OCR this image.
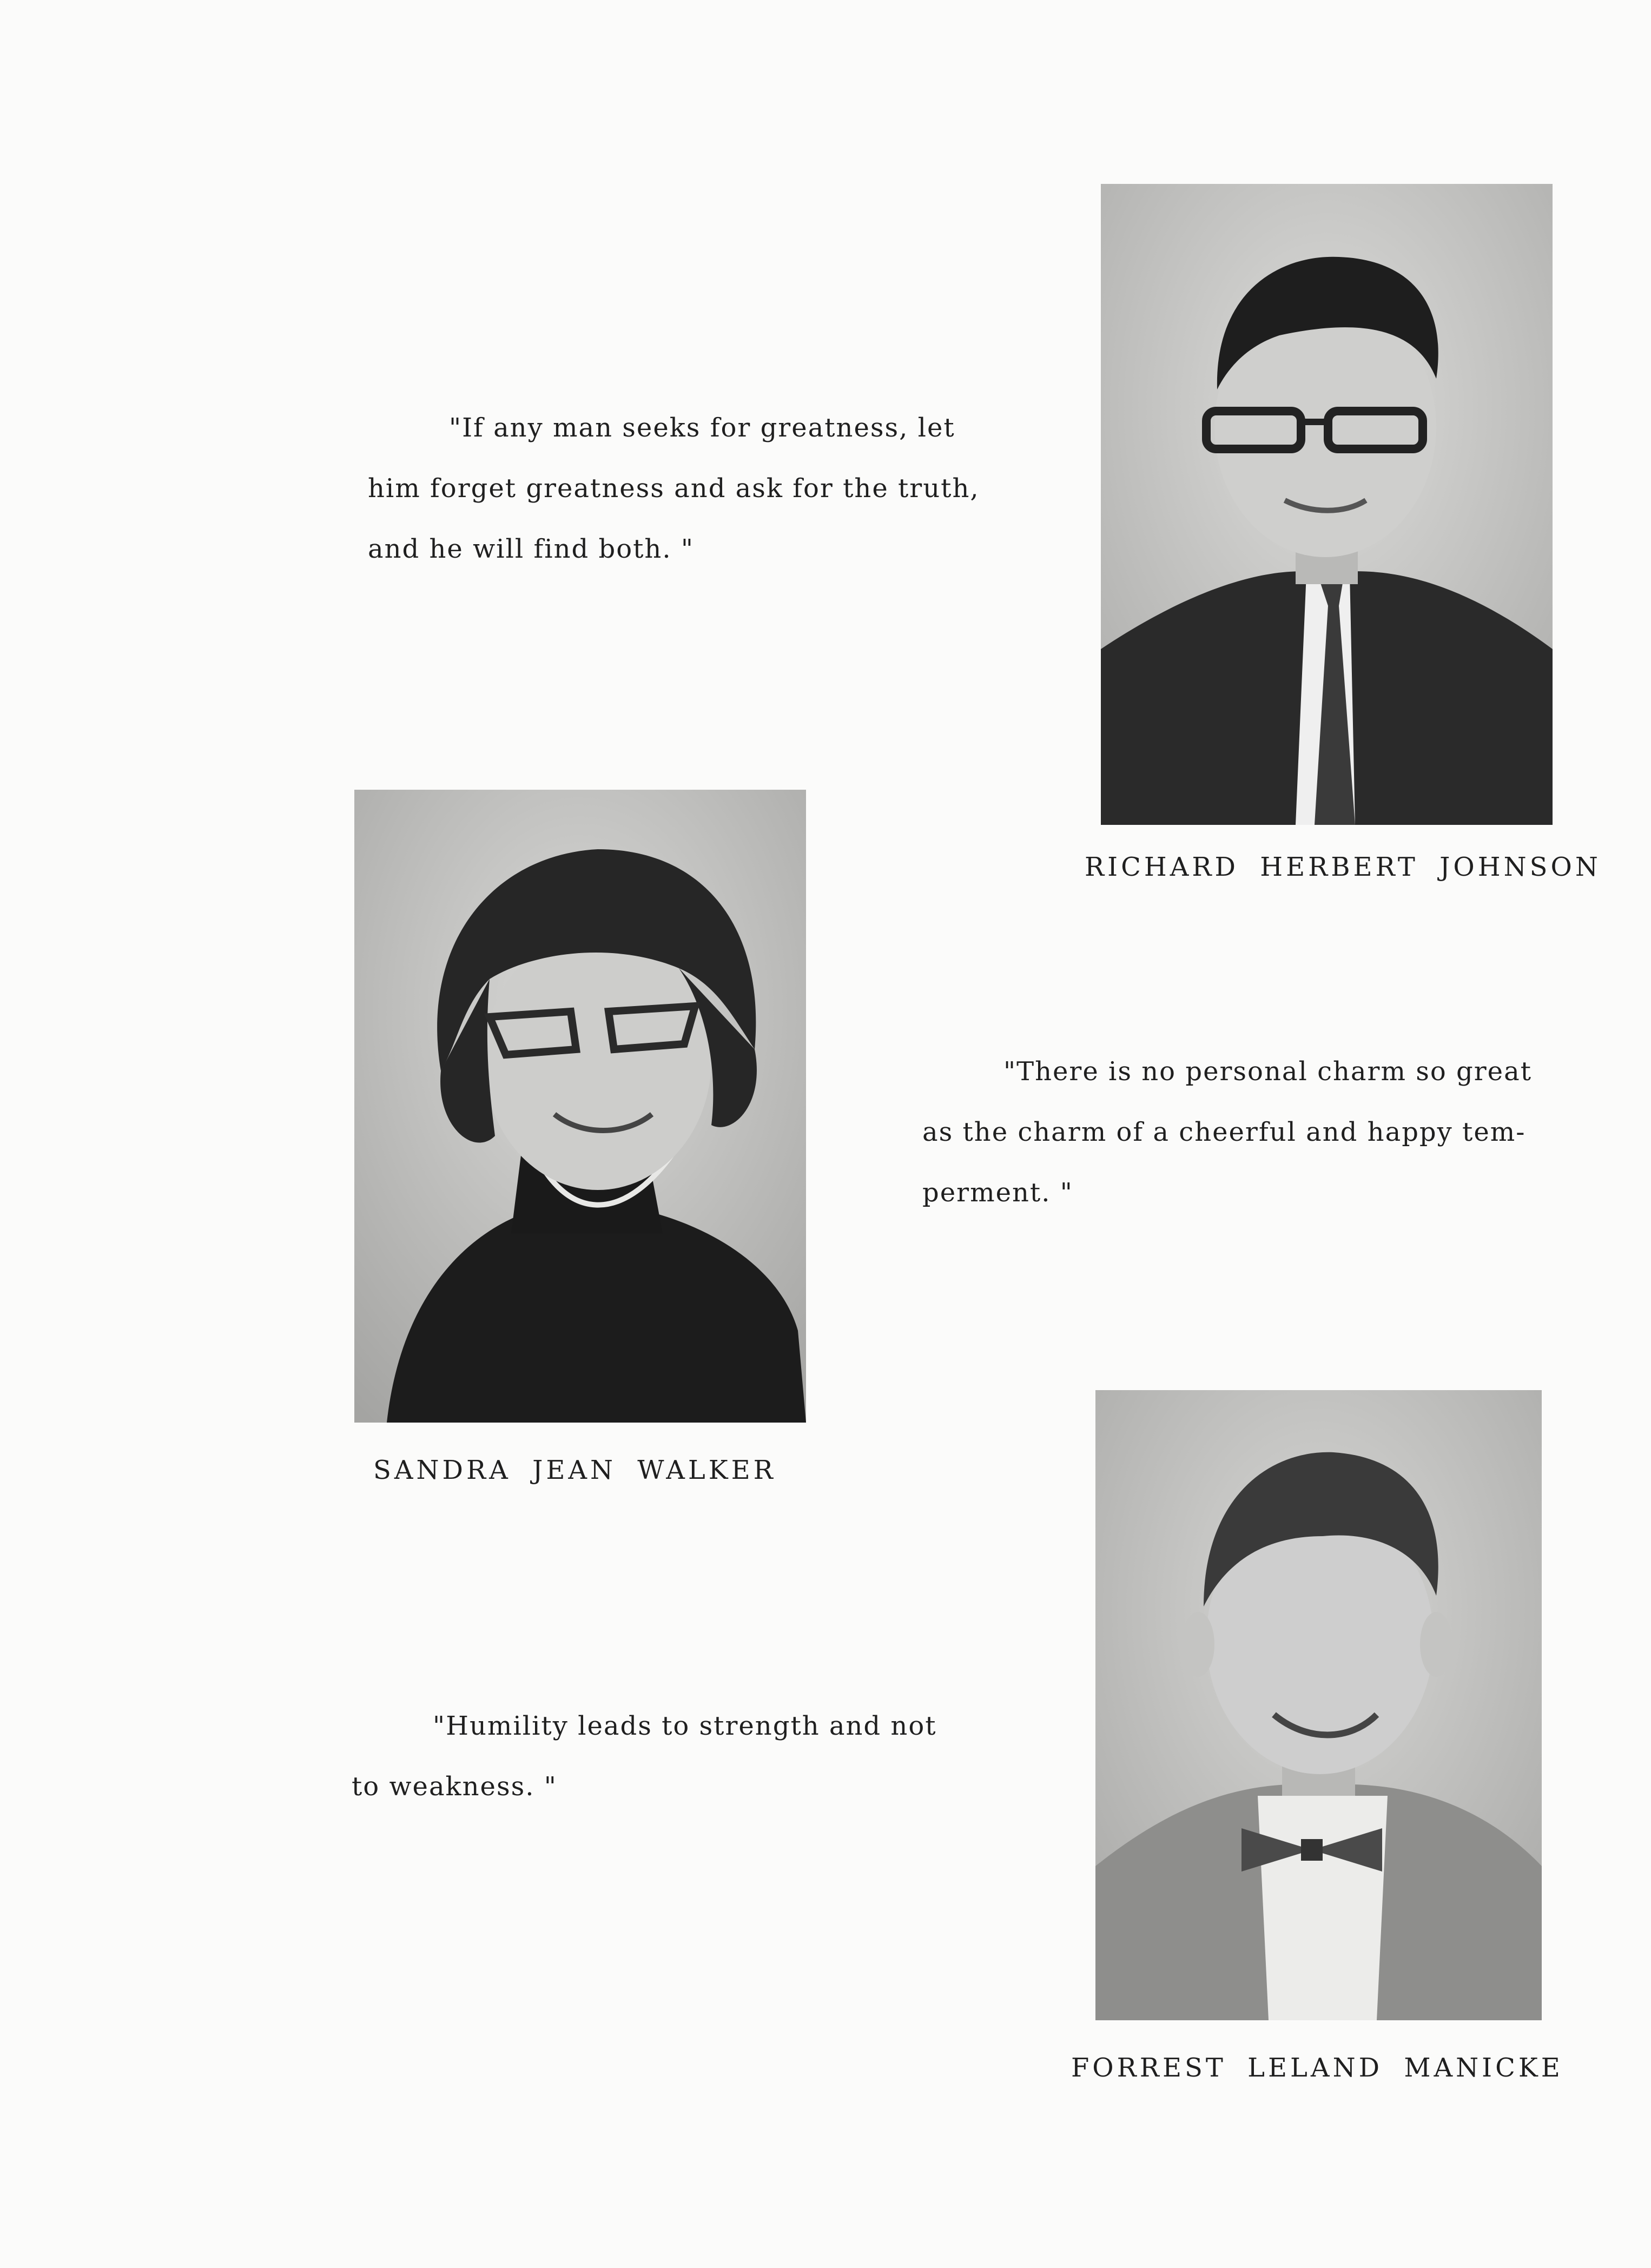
"If any man seeks for greatness, let
him forget greatness and ask for the truth,
and he will find both. "
RICHARD HERBERT JOHNSON
"There is no personal charm so great
as the charm of a cheerful and happy tem-
perment. "
SANDRA JEAN WALKER
"Humility leads to strength and not
to weakness. "
FORREST LELAND MANICKE
